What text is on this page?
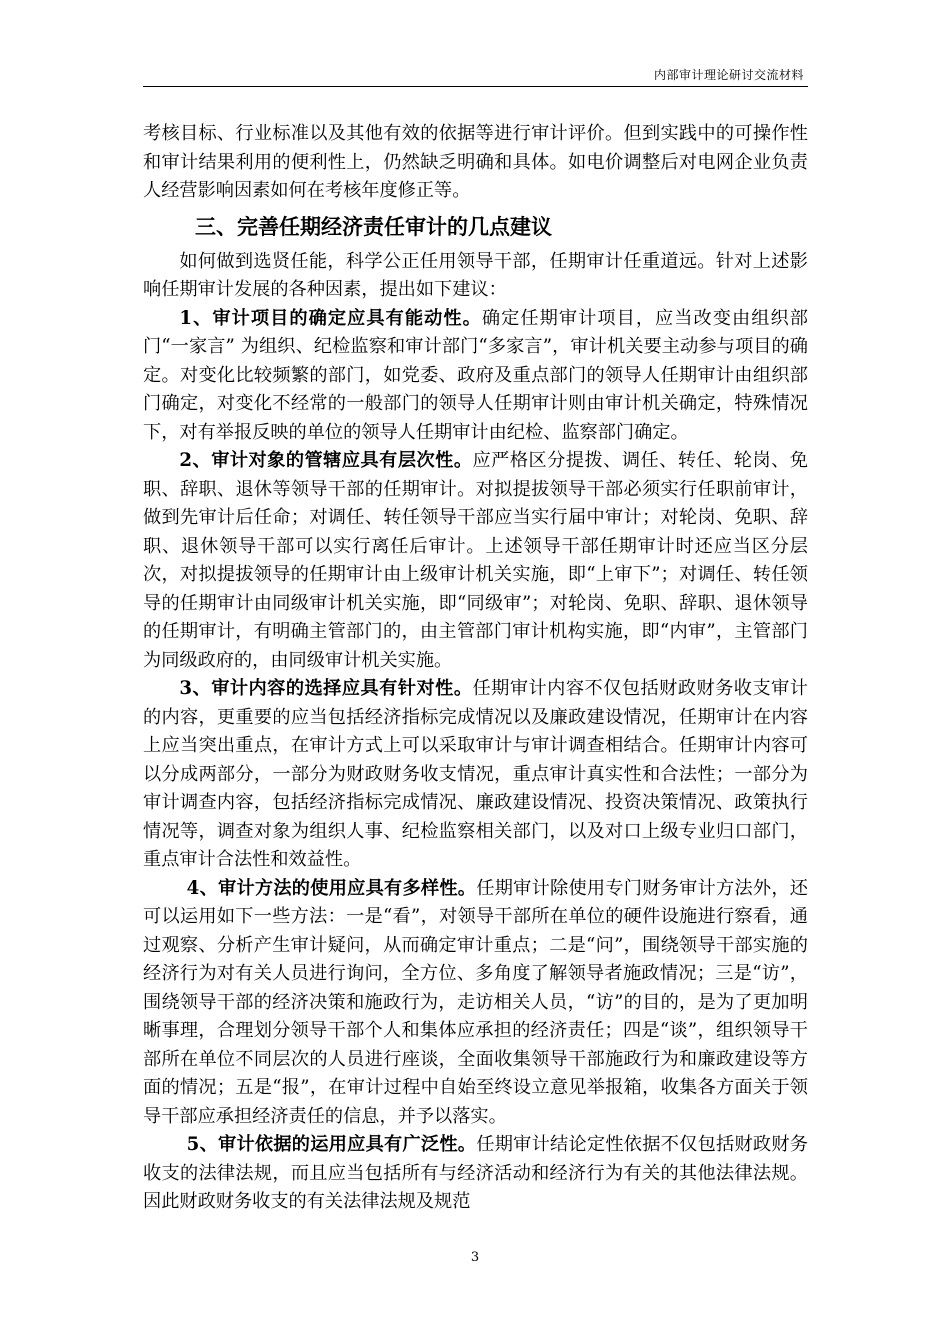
内部审计理论研讨交流材料

考核目标、行业标准以及其他有效的依据等进行审计评价。但到实践中的可操作性和审计结果利用的便利性上，仍然缺乏明确和具体。如电价调整后对电网企业负责人经营影响因素如何在考核年度修正等。

三、完善任期经济责任审计的几点建议

如何做到选贤任能，科学公正任用领导干部，任期审计任重道远。针对上述影响任期审计发展的各种因素，提出如下建议：

1、审计项目的确定应具有能动性。确定任期审计项目，应当改变由组织部门“一家言” 为组织、纪检监察和审计部门“多家言”，审计机关要主动参与项目的确定。对变化比较频繁的部门，如党委、政府及重点部门的领导人任期审计由组织部门确定，对变化不经常的一般部门的领导人任期审计则由审计机关确定，特殊情况下，对有举报反映的单位的领导人任期审计由纪检、监察部门确定。

2、审计对象的管辖应具有层次性。应严格区分提拨、调任、转任、轮岗、免职、辞职、退休等领导干部的任期审计。对拟提拔领导干部必须实行任职前审计，做到先审计后任命；对调任、转任领导干部应当实行届中审计；对轮岗、免职、辞职、退休领导干部可以实行离任后审计。上述领导干部任期审计时还应当区分层次，对拟提拔领导的任期审计由上级审计机关实施，即“上审下”；对调任、转任领导的任期审计由同级审计机关实施，即“同级审”；对轮岗、免职、辞职、退休领导的任期审计，有明确主管部门的，由主管部门审计机构实施，即“内审”，主管部门为同级政府的，由同级审计机关实施。

3、审计内容的选择应具有针对性。任期审计内容不仅包括财政财务收支审计的内容，更重要的应当包括经济指标完成情况以及廉政建设情况，任期审计在内容上应当突出重点，在审计方式上可以采取审计与审计调查相结合。任期审计内容可以分成两部分，一部分为财政财务收支情况，重点审计真实性和合法性；一部分为审计调查内容，包括经济指标完成情况、廉政建设情况、投资决策情况、政策执行情况等，调查对象为组织人事、纪检监察相关部门，以及对口上级专业归口部门，重点审计合法性和效益性。

4、审计方法的使用应具有多样性。任期审计除使用专门财务审计方法外，还可以运用如下一些方法：一是“看”，对领导干部所在单位的硬件设施进行察看，通过观察、分析产生审计疑问，从而确定审计重点；二是“问”，围绕领导干部实施的经济行为对有关人员进行询问，全方位、多角度了解领导者施政情况；三是“访”，围绕领导干部的经济决策和施政行为，走访相关人员，“访”的目的，是为了更加明晰事理，合理划分领导干部个人和集体应承担的经济责任；四是“谈”，组织领导干部所在单位不同层次的人员进行座谈，全面收集领导干部施政行为和廉政建设等方面的情况；五是“报”，在审计过程中自始至终设立意见举报箱，收集各方面关于领导干部应承担经济责任的信息，并予以落实。

5、审计依据的运用应具有广泛性。任期审计结论定性依据不仅包括财政财务收支的法律法规，而且应当包括所有与经济活动和经济行为有关的其他法律法规。因此财政财务收支的有关法律法规及规范

3
